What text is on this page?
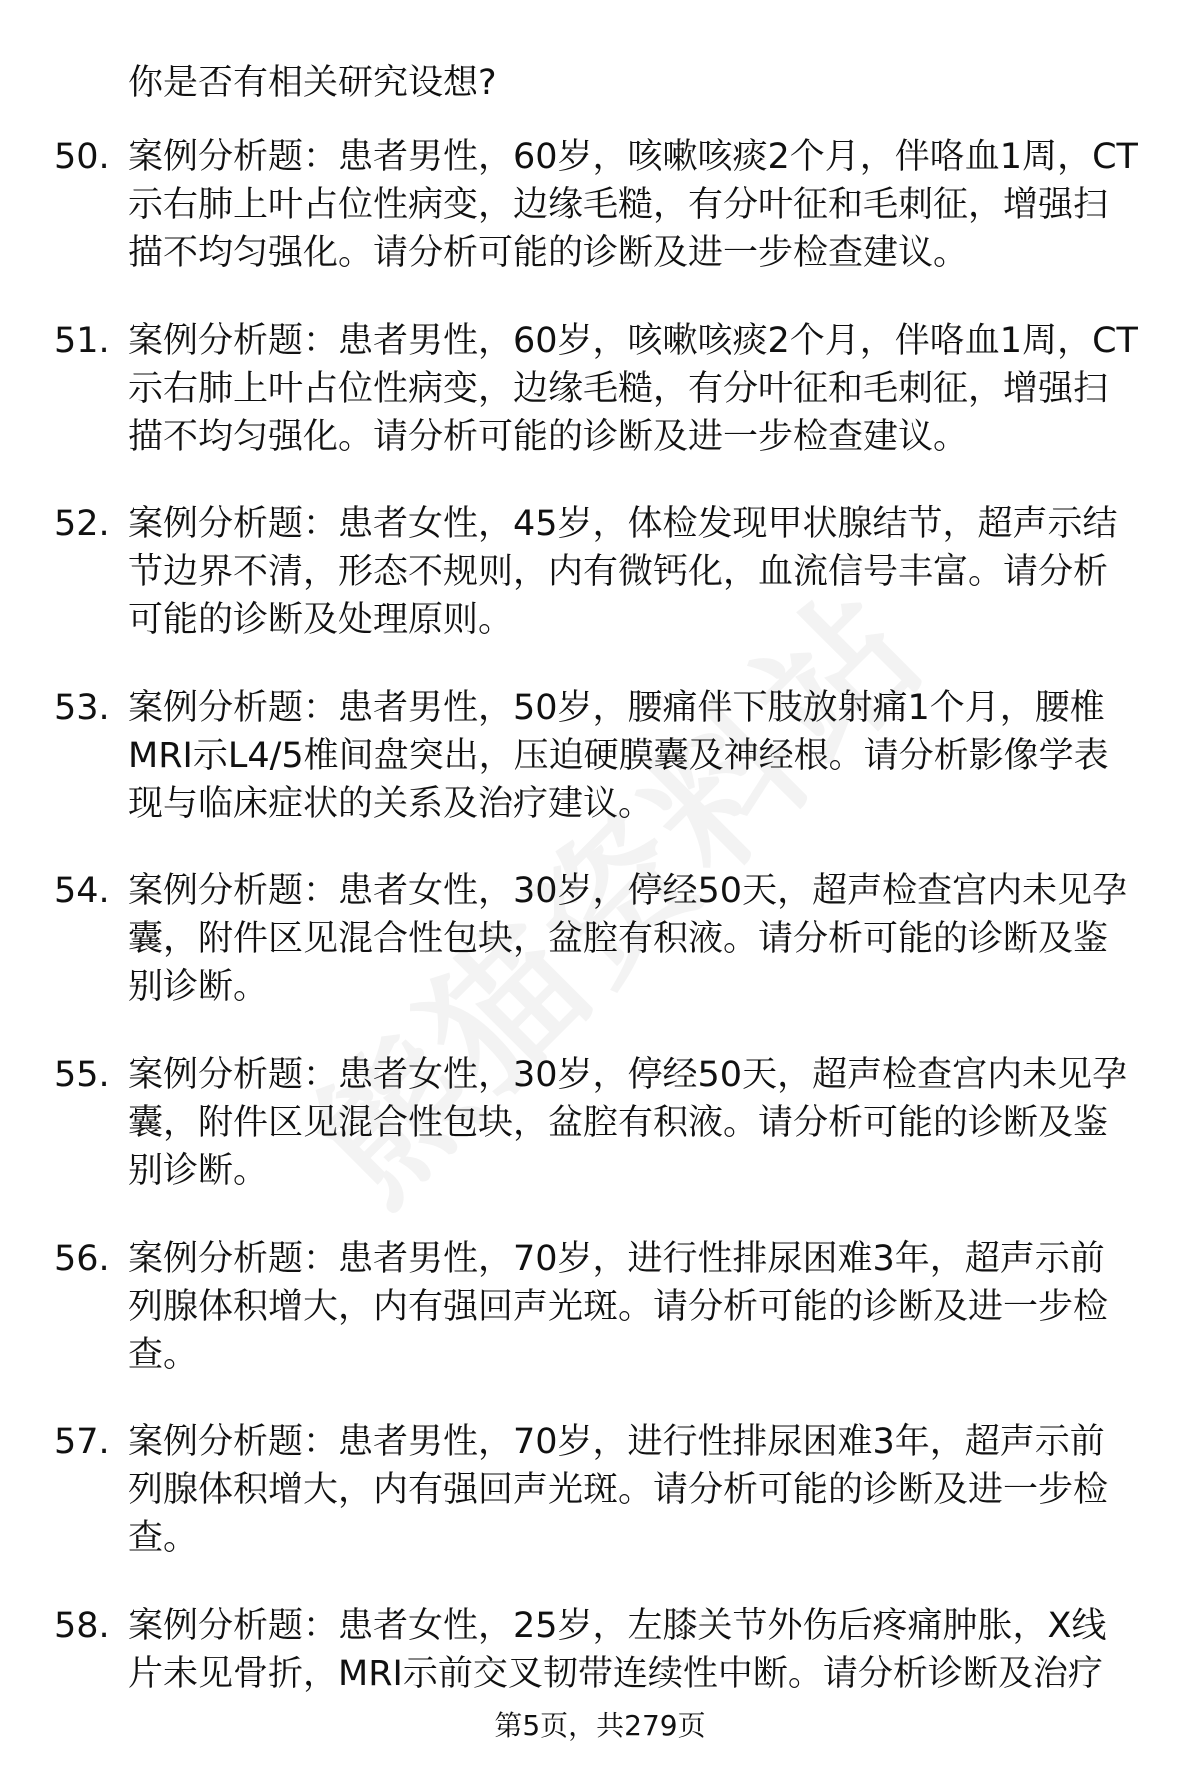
你是否有相关研究设想?
50. 案例分析题：患者男性，60岁，咳嗽咳痰2个月，伴咯血1周，CT
示右肺上叶占位性病变，边缘毛糙，有分叶征和毛刺征，增强扫
描不均匀强化。请分析可能的诊断及进一步检查建议。
51. 案例分析题：患者男性，60岁，咳嗽咳痰2个月，伴咯血1周，CT
示右肺上叶占位性病变，边缘毛糙，有分叶征和毛刺征，增强扫
描不均匀强化。请分析可能的诊断及进一步检查建议。
52. 案例分析题：患者女性，45岁，体检发现甲状腺结节，超声示结
节边界不清，形态不规则，内有微钙化，血流信号丰富。请分析
可能的诊断及处理原则。
53. 案例分析题：患者男性，50岁，腰痛伴下肢放射痛1个月，腰椎
MRI示L4/5椎间盘突出，压迫硬膜囊及神经根。请分析影像学表
现与临床症状的关系及治疗建议。
54. 案例分析题：患者女性，30岁，停经50天，超声检查宫内未见孕
囊，附件区见混合性包块，盆腔有积液。请分析可能的诊断及鉴
别诊断。
55. 案例分析题：患者女性，30岁，停经50天，超声检查宫内未见孕
囊，附件区见混合性包块，盆腔有积液。请分析可能的诊断及鉴
别诊断。
56. 案例分析题：患者男性，70岁，进行性排尿困难3年，超声示前
列腺体积增大，内有强回声光斑。请分析可能的诊断及进一步检
查。
57. 案例分析题：患者男性，70岁，进行性排尿困难3年，超声示前
列腺体积增大，内有强回声光斑。请分析可能的诊断及进一步检
查。
58. 案例分析题：患者女性，25岁，左膝关节外伤后疼痛肿胀，X线
片未见骨折，MRI示前交叉韧带连续性中断。请分析诊断及治疗
第5页，共279页
